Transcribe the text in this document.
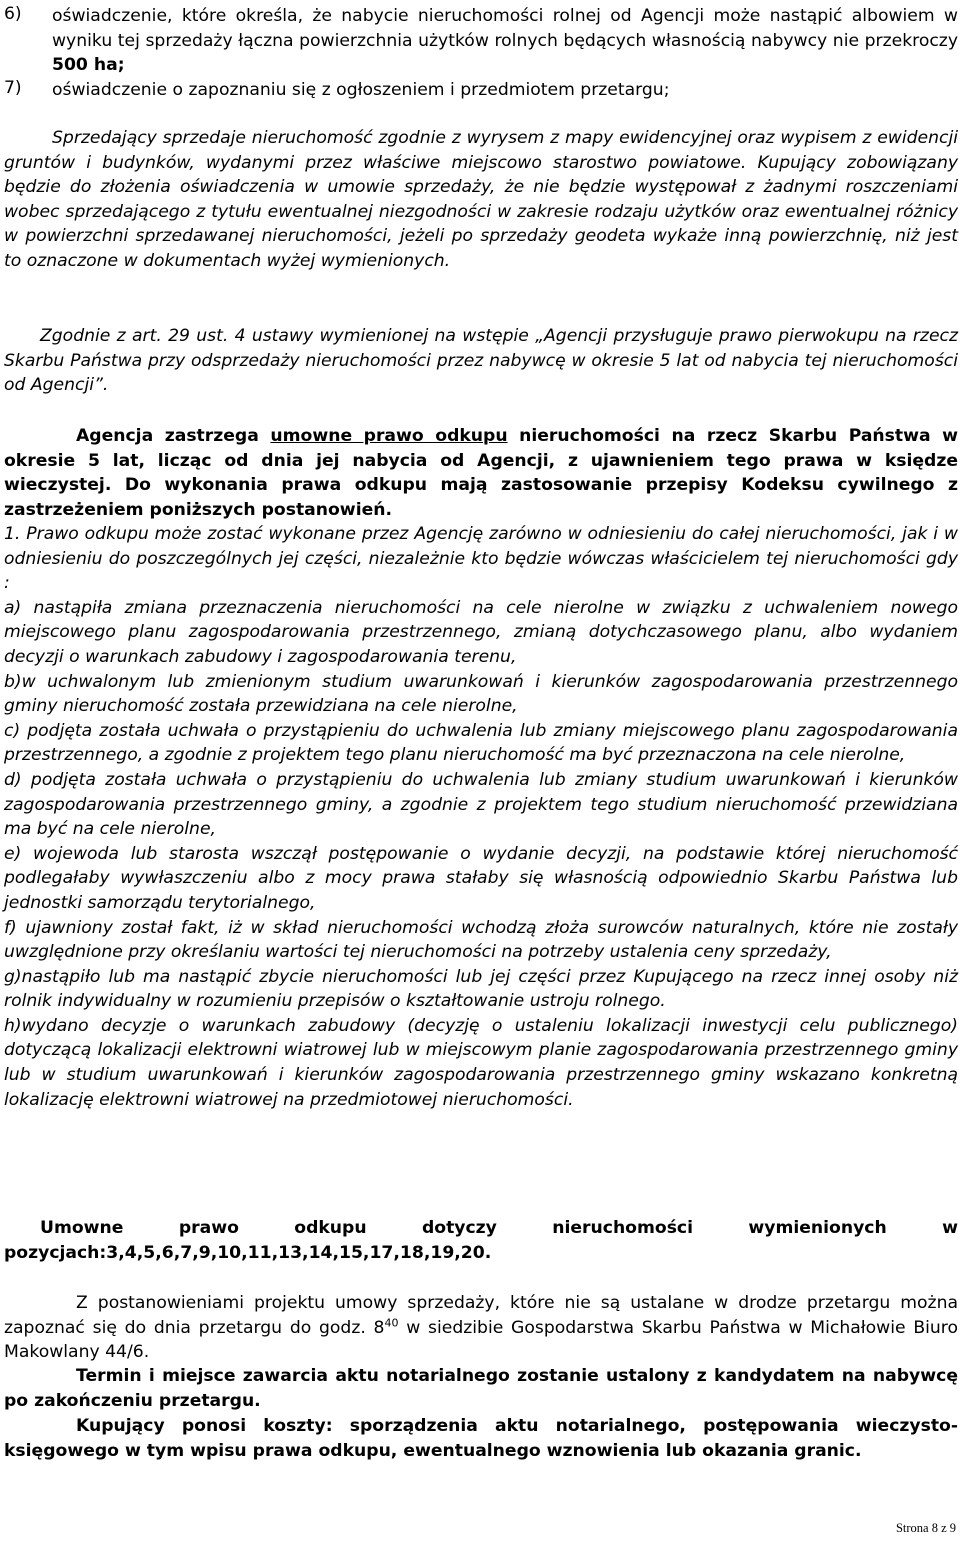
6)	oświadczenie, które określa, że nabycie nieruchomości rolnej od Agencji może nastąpić albowiem w wyniku tej sprzedaży łączna powierzchnia użytków rolnych będących własnością nabywcy nie przekroczy 500 ha;

7)	oświadczenie o zapoznaniu się z ogłoszeniem i przedmiotem przetargu;

Sprzedający sprzedaje nieruchomość zgodnie z wyrysem z mapy ewidencyjnej oraz wypisem z ewidencji gruntów i budynków, wydanymi przez właściwe miejscowo starostwo powiatowe. Kupujący zobowiązany będzie do złożenia oświadczenia w umowie sprzedaży, że nie będzie występował z żadnymi roszczeniami wobec sprzedającego z tytułu ewentualnej niezgodności w zakresie rodzaju użytków oraz ewentualnej różnicy w powierzchni sprzedawanej nieruchomości, jeżeli po sprzedaży geodeta wykaże inną powierzchnię, niż jest to oznaczone w dokumentach wyżej wymienionych.

Zgodnie z art. 29 ust. 4 ustawy wymienionej na wstępie „Agencji przysługuje prawo pierwokupu na rzecz Skarbu Państwa przy odsprzedaży nieruchomości przez nabywcę w okresie 5 lat od nabycia tej nieruchomości od Agencji”.

Agencja zastrzega umowne prawo odkupu nieruchomości na rzecz Skarbu Państwa w okresie 5 lat, licząc od dnia jej nabycia od Agencji, z ujawnieniem tego prawa w księdze wieczystej. Do wykonania prawa odkupu mają zastosowanie przepisy Kodeksu cywilnego z zastrzeżeniem poniższych postanowień.

1. Prawo odkupu może zostać wykonane przez Agencję zarówno w odniesieniu do całej nieruchomości, jak i w odniesieniu do poszczególnych jej części, niezależnie kto będzie wówczas właścicielem tej nieruchomości gdy :

a) nastąpiła zmiana przeznaczenia nieruchomości na cele nierolne w związku z uchwaleniem nowego miejscowego planu zagospodarowania przestrzennego, zmianą dotychczasowego planu, albo wydaniem decyzji o warunkach zabudowy i zagospodarowania terenu,

b)w uchwalonym lub zmienionym studium uwarunkowań i kierunków zagospodarowania przestrzennego gminy nieruchomość została przewidziana na cele nierolne,

c) podjęta została uchwała o przystąpieniu do uchwalenia lub zmiany miejscowego planu zagospodarowania przestrzennego, a zgodnie z projektem tego planu nieruchomość ma być przeznaczona na cele nierolne,

d) podjęta została uchwała o przystąpieniu do uchwalenia lub zmiany studium uwarunkowań i kierunków zagospodarowania przestrzennego gminy, a zgodnie z projektem tego studium nieruchomość przewidziana ma być na cele nierolne,

e) wojewoda lub starosta wszczął postępowanie o wydanie decyzji, na podstawie której nieruchomość podlegałaby wywłaszczeniu albo z mocy prawa stałaby się własnością odpowiednio Skarbu Państwa lub jednostki samorządu terytorialnego,

f) ujawniony został fakt, iż w skład nieruchomości wchodzą złoża surowców naturalnych, które nie zostały uwzględnione przy określaniu wartości tej nieruchomości na potrzeby ustalenia ceny sprzedaży,

g)nastąpiło lub ma nastąpić zbycie nieruchomości lub jej części przez Kupującego na rzecz innej osoby niż rolnik indywidualny w rozumieniu przepisów o kształtowanie ustroju rolnego.

h)wydano decyzje o warunkach zabudowy (decyzję o ustaleniu lokalizacji inwestycji celu publicznego) dotyczącą lokalizacji elektrowni wiatrowej lub w miejscowym planie zagospodarowania przestrzennego gminy lub w studium uwarunkowań i kierunków zagospodarowania przestrzennego gminy wskazano konkretną lokalizację elektrowni wiatrowej na przedmiotowej nieruchomości.

Umowne prawo odkupu dotyczy nieruchomości wymienionych w pozycjach:3,4,5,6,7,9,10,11,13,14,15,17,18,19,20.

Z postanowieniami projektu umowy sprzedaży, które nie są ustalane w drodze przetargu można zapoznać się do dnia przetargu do godz. $8^{40}$ w siedzibie Gospodarstwa Skarbu Państwa w Michałowie Biuro Makowlany 44/6.

Termin i miejsce zawarcia aktu notarialnego zostanie ustalony z kandydatem na nabywcę po zakończeniu przetargu.

Kupujący ponosi koszty: sporządzenia aktu notarialnego, postępowania wieczysto-księgowego w tym wpisu prawa odkupu, ewentualnego wznowienia lub okazania granic.

Strona 8 z 9
